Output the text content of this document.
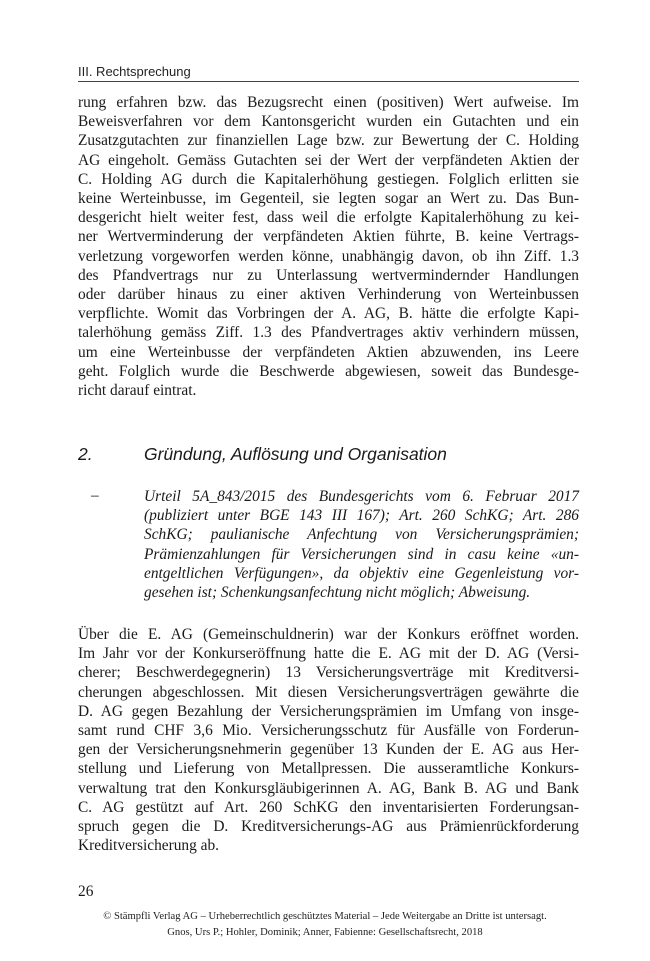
III. Rechtsprechung
rung erfahren bzw. das Bezugsrecht einen (positiven) Wert aufweise. Im
Beweisverfahren vor dem Kantonsgericht wurden ein Gutachten und ein
Zusatzgutachten zur finanziellen Lage bzw. zur Bewertung der C. Holding
AG eingeholt. Gemäss Gutachten sei der Wert der verpfändeten Aktien der
C. Holding AG durch die Kapitalerhöhung gestiegen. Folglich erlitten sie
keine Werteinbusse, im Gegenteil, sie legten sogar an Wert zu. Das Bun-
desgericht hielt weiter fest, dass weil die erfolgte Kapitalerhöhung zu kei-
ner Wertverminderung der verpfändeten Aktien führte, B. keine Vertrags-
verletzung vorgeworfen werden könne, unabhängig davon, ob ihn Ziff. 1.3
des Pfandvertrags nur zu Unterlassung wertvermindernder Handlungen
oder darüber hinaus zu einer aktiven Verhinderung von Werteinbussen
verpflichte. Womit das Vorbringen der A. AG, B. hätte die erfolgte Kapi-
talerhöhung gemäss Ziff. 1.3 des Pfandvertrages aktiv verhindern müssen,
um eine Werteinbusse der verpfändeten Aktien abzuwenden, ins Leere
geht. Folglich wurde die Beschwerde abgewiesen, soweit das Bundesge-
richt darauf eintrat.
2.	Gründung, Auflösung und Organisation
–	Urteil 5A_843/2015 des Bundesgerichts vom 6. Februar 2017
(publiziert unter BGE 143 III 167); Art. 260 SchKG; Art. 286
SchKG; paulianische Anfechtung von Versicherungsprämien;
Prämienzahlungen für Versicherungen sind in casu keine «un-
entgeltlichen Verfügungen», da objektiv eine Gegenleistung vor-
gesehen ist; Schenkungsanfechtung nicht möglich; Abweisung.
Über die E. AG (Gemeinschuldnerin) war der Konkurs eröffnet worden.
Im Jahr vor der Konkurseröffnung hatte die E. AG mit der D. AG (Versi-
cherer; Beschwerdegegnerin) 13 Versicherungsverträge mit Kreditversi-
cherungen abgeschlossen. Mit diesen Versicherungsverträgen gewährte die
D. AG gegen Bezahlung der Versicherungsprämien im Umfang von insge-
samt rund CHF 3,6 Mio. Versicherungsschutz für Ausfälle von Forderun-
gen der Versicherungsnehmerin gegenüber 13 Kunden der E. AG aus Her-
stellung und Lieferung von Metallpressen. Die ausseramtliche Konkurs-
verwaltung trat den Konkursgläubigerinnen A. AG, Bank B. AG und Bank
C. AG gestützt auf Art. 260 SchKG den inventarisierten Forderungsan-
spruch gegen die D. Kreditversicherungs-AG aus Prämienrückforderung
Kreditversicherung ab.
26
© Stämpfli Verlag AG – Urheberrechtlich geschütztes Material – Jede Weitergabe an Dritte ist untersagt.
Gnos, Urs P.; Hohler, Dominik; Anner, Fabienne: Gesellschaftsrecht, 2018
